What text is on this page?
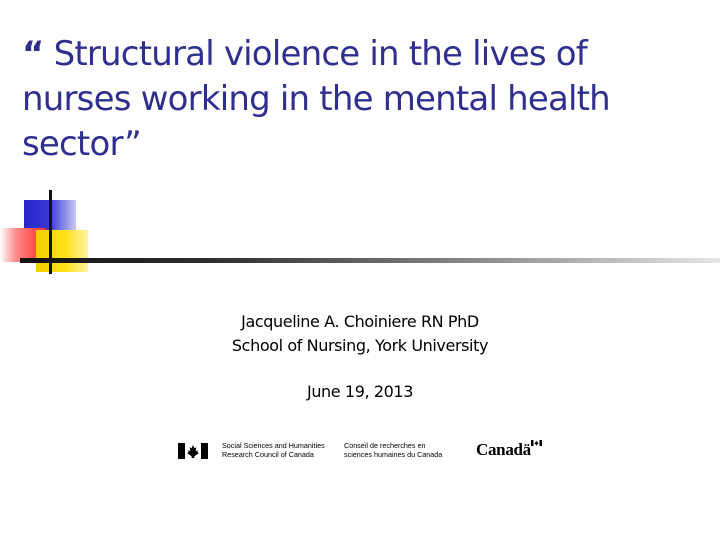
“ Structural violence in the lives of nurses working in the mental health sector”
Jacqueline A. Choiniere RN PhD
School of Nursing, York University
June 19, 2013
Social Sciences and Humanities
Research Council of Canada
Conseil de recherches en
sciences humaines du Canada Canadä
